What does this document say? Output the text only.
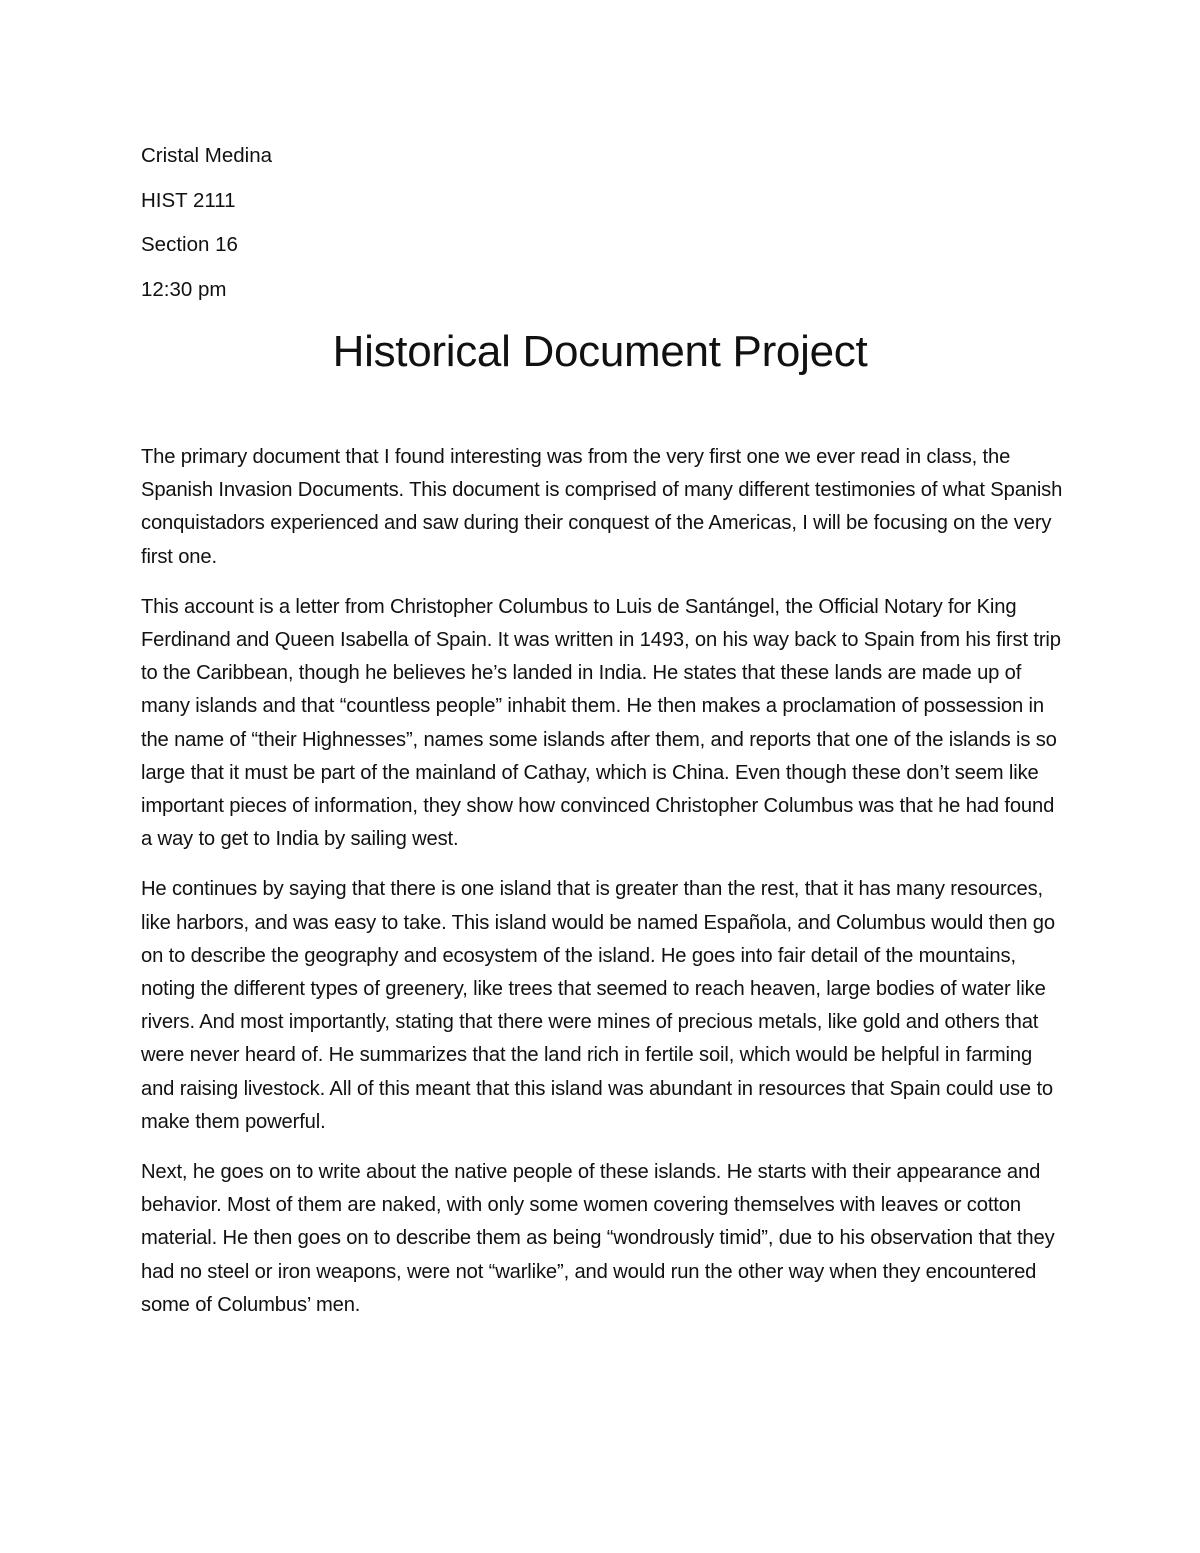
Cristal Medina
HIST 2111
Section 16
12:30 pm
Historical Document Project

The primary document that I found interesting was from the very first one we ever read in class, the Spanish Invasion Documents. This document is comprised of many different testimonies of what Spanish conquistadors experienced and saw during their conquest of the Americas, I will be focusing on the very first one.

This account is a letter from Christopher Columbus to Luis de Santángel, the Official Notary for King Ferdinand and Queen Isabella of Spain. It was written in 1493, on his way back to Spain from his first trip to the Caribbean, though he believes he’s landed in India. He states that these lands are made up of many islands and that “countless people” inhabit them. He then makes a proclamation of possession in the name of “their Highnesses”, names some islands after them, and reports that one of the islands is so large that it must be part of the mainland of Cathay, which is China. Even though these don’t seem like important pieces of information, they show how convinced Christopher Columbus was that he had found a way to get to India by sailing west.

He continues by saying that there is one island that is greater than the rest, that it has many resources, like harbors, and was easy to take. This island would be named Española, and Columbus would then go on to describe the geography and ecosystem of the island. He goes into fair detail of the mountains, noting the different types of greenery, like trees that seemed to reach heaven, large bodies of water like rivers. And most importantly, stating that there were mines of precious metals, like gold and others that were never heard of. He summarizes that the land rich in fertile soil, which would be helpful in farming and raising livestock. All of this meant that this island was abundant in resources that Spain could use to make them powerful.

Next, he goes on to write about the native people of these islands. He starts with their appearance and behavior. Most of them are naked, with only some women covering themselves with leaves or cotton material. He then goes on to describe them as being “wondrously timid”, due to his observation that they had no steel or iron weapons, were not “warlike”, and would run the other way when they encountered some of Columbus’ men.
